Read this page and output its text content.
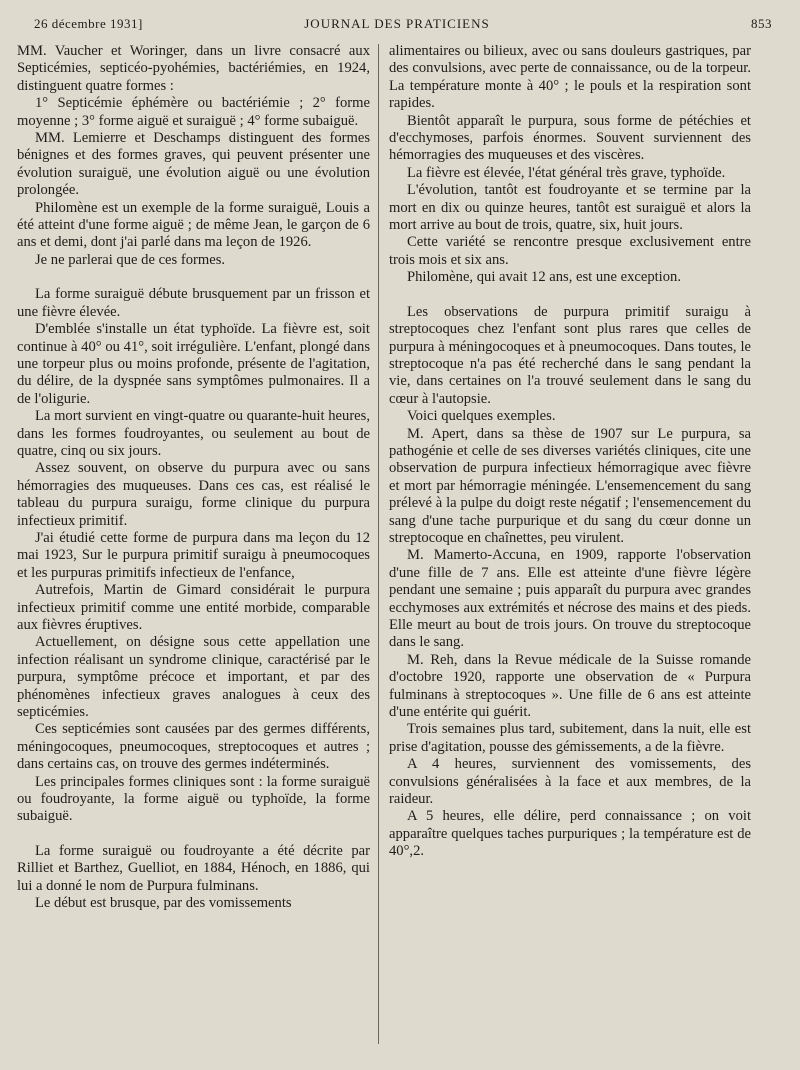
26 décembre 1931]	JOURNAL DES PRATICIENS	853

MM. Vaucher et Woringer, dans un livre consacré aux Septicémies, septicéo-pyohémies, bactériémies, en 1924, distinguent quatre formes :

1° Septicémie éphémère ou bactériémie ; 2° forme moyenne ; 3° forme aiguë et suraiguë ; 4° forme subaiguë.

MM. Lemierre et Deschamps distinguent des formes bénignes et des formes graves, qui peuvent présenter une évolution suraiguë, une évolution aiguë ou une évolution prolongée.

Philomène est un exemple de la forme suraiguë, Louis a été atteint d'une forme aiguë ; de même Jean, le garçon de 6 ans et demi, dont j'ai parlé dans ma leçon de 1926.

Je ne parlerai que de ces formes.

La forme suraiguë débute brusquement par un frisson et une fièvre élevée.

D'emblée s'installe un état typhoïde. La fièvre est, soit continue à 40° ou 41°, soit irrégulière. L'enfant, plongé dans une torpeur plus ou moins profonde, présente de l'agitation, du délire, de la dyspnée sans symptômes pulmonaires. Il a de l'oligurie.

La mort survient en vingt-quatre ou quarante-huit heures, dans les formes foudroyantes, ou seulement au bout de quatre, cinq ou six jours.

Assez souvent, on observe du purpura avec ou sans hémorragies des muqueuses. Dans ces cas, est réalisé le tableau du purpura suraigu, forme clinique du purpura infectieux primitif.

J'ai étudié cette forme de purpura dans ma leçon du 12 mai 1923, Sur le purpura primitif suraigu à pneumocoques et les purpuras primitifs infectieux de l'enfance,

Autrefois, Martin de Gimard considérait le purpura infectieux primitif comme une entité morbide, comparable aux fièvres éruptives.

Actuellement, on désigne sous cette appellation une infection réalisant un syndrome clinique, caractérisé par le purpura, symptôme précoce et important, et par des phénomènes infectieux graves analogues à ceux des septicémies.

Ces septicémies sont causées par des germes différents, méningocoques, pneumocoques, streptocoques et autres ; dans certains cas, on trouve des germes indéterminés.

Les principales formes cliniques sont : la forme suraiguë ou foudroyante, la forme aiguë ou typhoïde, la forme subaiguë.

La forme suraiguë ou foudroyante a été décrite par Rilliet et Barthez, Guelliot, en 1884, Hénoch, en 1886, qui lui a donné le nom de Purpura fulminans.

Le début est brusque, par des vomissements

alimentaires ou bilieux, avec ou sans douleurs gastriques, par des convulsions, avec perte de connaissance, ou de la torpeur. La température monte à 40° ; le pouls et la respiration sont rapides.

Bientôt apparaît le purpura, sous forme de pétéchies et d'ecchymoses, parfois énormes. Souvent surviennent des hémorragies des muqueuses et des viscères.

La fièvre est élevée, l'état général très grave, typhoïde.

L'évolution, tantôt est foudroyante et se termine par la mort en dix ou quinze heures, tantôt est suraiguë et alors la mort arrive au bout de trois, quatre, six, huit jours.

Cette variété se rencontre presque exclusivement entre trois mois et six ans.

Philomène, qui avait 12 ans, est une exception.

Les observations de purpura primitif suraigu à streptocoques chez l'enfant sont plus rares que celles de purpura à méningocoques et à pneumocoques. Dans toutes, le streptocoque n'a pas été recherché dans le sang pendant la vie, dans certaines on l'a trouvé seulement dans le sang du cœur à l'autopsie.

Voici quelques exemples.

M. Apert, dans sa thèse de 1907 sur Le purpura, sa pathogénie et celle de ses diverses variétés cliniques, cite une observation de purpura infectieux hémorragique avec fièvre et mort par hémorragie méningée. L'ensemencement du sang prélevé à la pulpe du doigt reste négatif ; l'ensemencement du sang d'une tache purpurique et du sang du cœur donne un streptocoque en chaînettes, peu virulent.

M. Mamerto-Accuna, en 1909, rapporte l'observation d'une fille de 7 ans. Elle est atteinte d'une fièvre légère pendant une semaine ; puis apparaît du purpura avec grandes ecchymoses aux extrémités et nécrose des mains et des pieds. Elle meurt au bout de trois jours. On trouve du streptocoque dans le sang.

M. Reh, dans la Revue médicale de la Suisse romande d'octobre 1920, rapporte une observation de « Purpura fulminans à streptocoques ». Une fille de 6 ans est atteinte d'une entérite qui guérit.

Trois semaines plus tard, subitement, dans la nuit, elle est prise d'agitation, pousse des gémissements, a de la fièvre.

A 4 heures, surviennent des vomissements, des convulsions généralisées à la face et aux membres, de la raideur.

A 5 heures, elle délire, perd connaissance ; on voit apparaître quelques taches purpuriques ; la température est de 40°,2.
